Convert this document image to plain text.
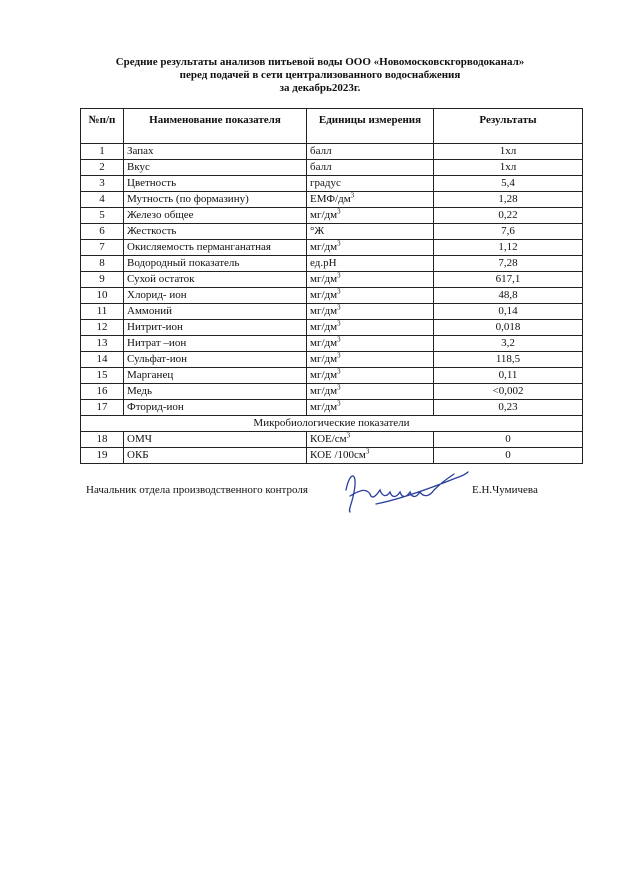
Средние результаты анализов питьевой воды ООО «Новомосковскгорводоканал»
перед подачей в сети централизованного водоснабжения
за декабрь2023г.
№п/п	Наименование показателя	Единицы измерения	Результаты
1	Запах	балл	1хл
2	Вкус	балл	1хл
3	Цветность	градус	5,4
4	Мутность (по формазину)	ЕМФ/$дм^3$	1,28
5	Железо общее	$мг/дм^3$	0,22
6	Жесткость	°Ж	7,6
7	Окисляемость перманганатная	$мг/дм^3$	1,12
8	Водородный показатель	ед.pH	7,28
9	Сухой остаток	$мг/дм^3$	617,1
10	Хлорид- ион	$мг/дм^3$	48,8
11	Аммоний	$мг/дм^3$	0,14
12	Нитрит-ион	$мг/дм^3$	0,018
13	Нитрат –ион	$мг/дм^3$	3,2
14	Сульфат-ион	$мг/дм^3$	118,5
15	Марганец	$мг/дм^3$	0,11
16	Медь	$мг/дм^3$	<0,002
17	Фторид-ион	$мг/дм^3$	0,23
Микробиологические показатели			
18	ОМЧ	КОЕ/$см^3$	0
19	ОКБ	КОЕ $/100см^3$	0
Начальник отдела производственного контроля	Е.Н.Чумичева
